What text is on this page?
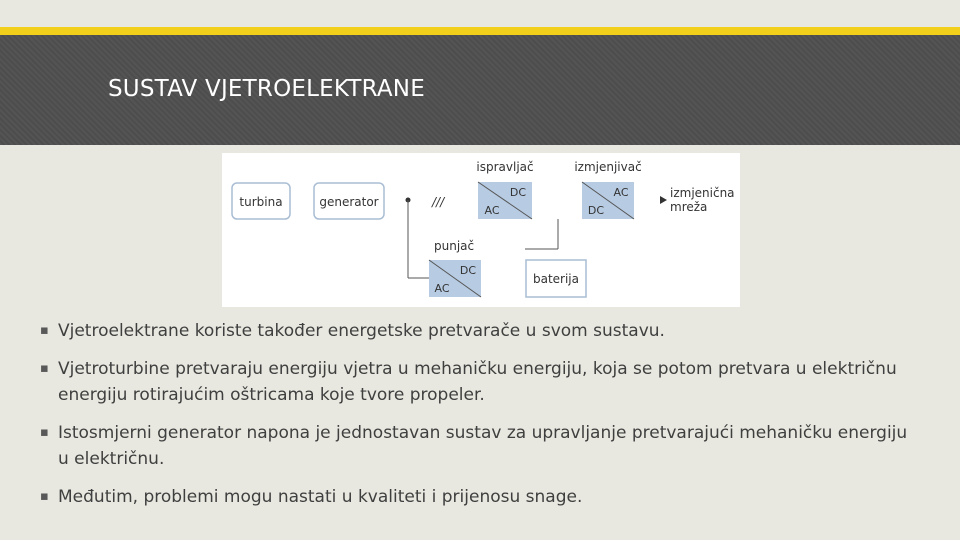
SUSTAV VJETROELEKTRANE
turbina	generator	///
ispravljač
DC
AC
izmjenjivač
AC
DC
izmjenična
mreža
punjač
DC
AC
baterija
▪ Vjetroelektrane koriste također energetske pretvarače u svom sustavu.
▪ Vjetroturbine pretvaraju energiju vjetra u mehaničku energiju, koja se potom pretvara u električnu energiju rotirajućim oštricama koje tvore propeler.
▪ Istosmjerni generator napona je jednostavan sustav za upravljanje pretvarajući mehaničku energiju u električnu.
▪ Međutim, problemi mogu nastati u kvaliteti i prijenosu snage.
